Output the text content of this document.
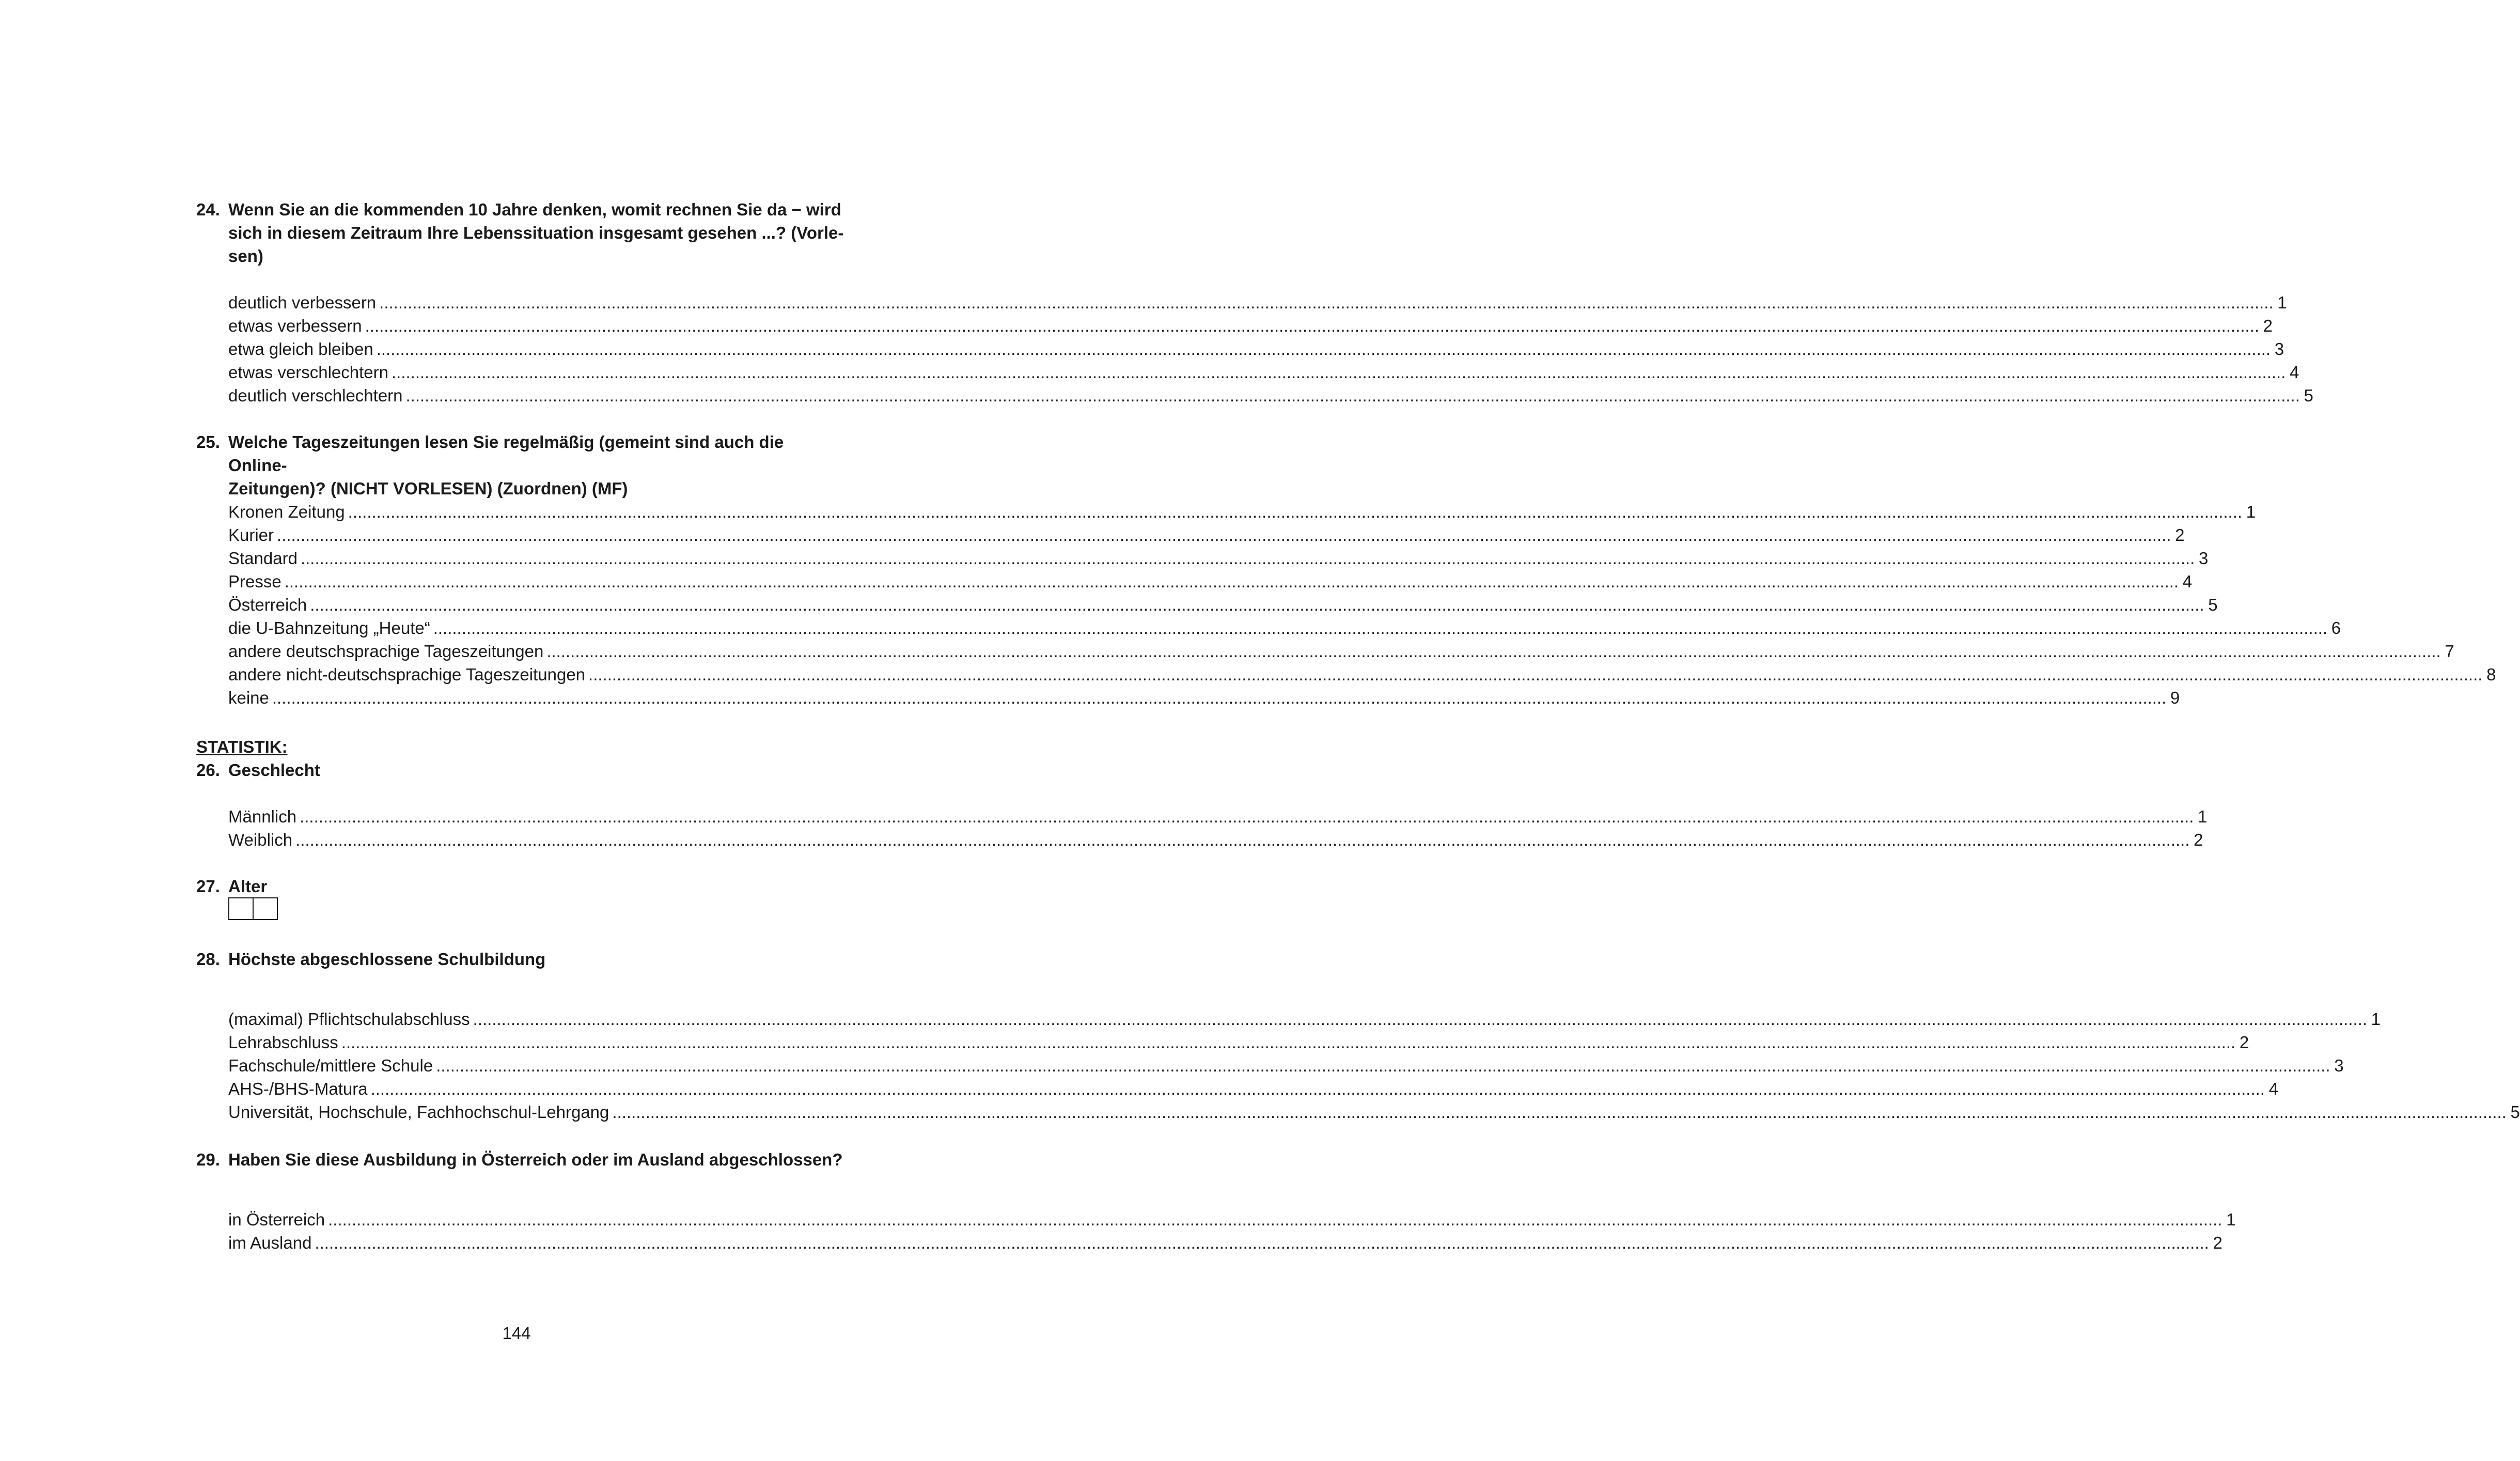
24. Wenn Sie an die kommenden 10 Jahre denken, womit rechnen Sie da − wird
sich in diesem Zeitraum Ihre Lebenssituation insgesamt gesehen ...? (Vorle-
sen)
deutlich verbessern ................................................................................................................................................................................................................................................................................................................................................................................................................ 1
etwas verbessern ................................................................................................................................................................................................................................................................................................................................................................................................................ 2
etwa gleich bleiben ................................................................................................................................................................................................................................................................................................................................................................................................................ 3
etwas verschlechtern ................................................................................................................................................................................................................................................................................................................................................................................................................ 4
deutlich verschlechtern ................................................................................................................................................................................................................................................................................................................................................................................................................ 5
25. Welche Tageszeitungen lesen Sie regelmäßig (gemeint sind auch die Online-
Zeitungen)? (NICHT VORLESEN) (Zuordnen) (MF)
Kronen Zeitung ................................................................................................................................................................................................................................................................................................................................................................................................................ 1
Kurier ................................................................................................................................................................................................................................................................................................................................................................................................................ 2
Standard ................................................................................................................................................................................................................................................................................................................................................................................................................ 3
Presse ................................................................................................................................................................................................................................................................................................................................................................................................................ 4
Österreich ................................................................................................................................................................................................................................................................................................................................................................................................................ 5
die U-Bahnzeitung „Heute“ ................................................................................................................................................................................................................................................................................................................................................................................................................ 6
andere deutschsprachige Tageszeitungen ................................................................................................................................................................................................................................................................................................................................................................................................................ 7
andere nicht-deutschsprachige Tageszeitungen ................................................................................................................................................................................................................................................................................................................................................................................................................ 8
keine ................................................................................................................................................................................................................................................................................................................................................................................................................ 9
STATISTIK:
26. Geschlecht
Männlich ................................................................................................................................................................................................................................................................................................................................................................................................................ 1
Weiblich ................................................................................................................................................................................................................................................................................................................................................................................................................ 2
27. Alter
28. Höchste abgeschlossene Schulbildung
(maximal) Pflichtschulabschluss ................................................................................................................................................................................................................................................................................................................................................................................................................ 1
Lehrabschluss ................................................................................................................................................................................................................................................................................................................................................................................................................ 2
Fachschule/mittlere Schule ................................................................................................................................................................................................................................................................................................................................................................................................................ 3
AHS-/BHS-Matura ................................................................................................................................................................................................................................................................................................................................................................................................................ 4
Universität, Hochschule, Fachhochschul-Lehrgang ................................................................................................................................................................................................................................................................................................................................................................................................................ 5
29. Haben Sie diese Ausbildung in Österreich oder im Ausland abgeschlossen?
in Österreich ................................................................................................................................................................................................................................................................................................................................................................................................................ 1
im Ausland ................................................................................................................................................................................................................................................................................................................................................................................................................ 2
144
